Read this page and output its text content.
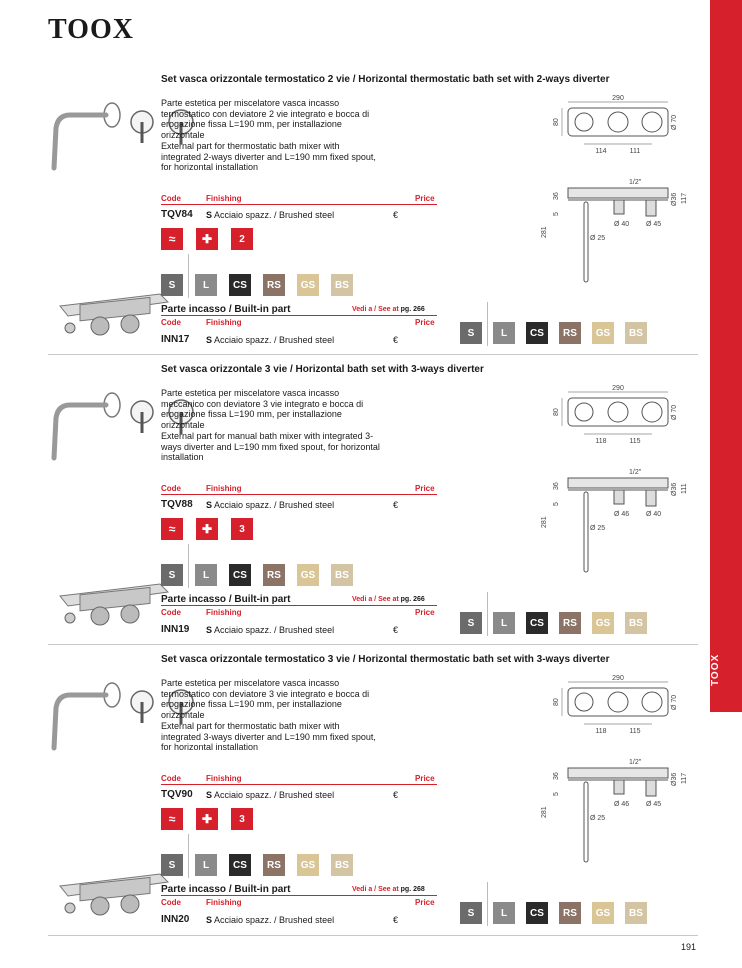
TOOX
TOOX
290
80	Ø 70
114	111
1/2"
36
5
281
Ø36 117
Ø 40 Ø 45
Ø 25
Set vasca orizzontale termostatico 2 vie / Horizontal thermostatic bath set with 2-ways diverter

Parte estetica per miscelatore vasca incasso termostatico con deviatore 2 vie integrato e bocca di erogazione fissa L=190 mm, per installazione orizzontale

External part for thermostatic bath mixer with integrated 2-ways diverter and L=190 mm fixed spout, for horizontal installation

Code	Finishing	Price
TQV84 S Acciaio spazz. / Brushed steel	€
≈	✚	2
S	L	CS	RS	GS	BS
Parte incasso / Built-in part	Vedi a / See at pg. 266
Code	Finishing	Price
INN17 S Acciaio spazz. / Brushed steel	€
S	L	CS	RS	GS	BS
290
80	Ø 70
118	115
1/2"
36
5
281
Ø36 111
Ø 46 Ø 40
Ø 25
Set vasca orizzontale 3 vie / Horizontal bath set with 3-ways diverter

Parte estetica per miscelatore vasca incasso meccanico con deviatore 3 vie integrato e bocca di erogazione fissa L=190 mm, per installazione orizzontale

External part for manual bath mixer with integrated 3-ways diverter and L=190 mm fixed spout, for horizontal installation

Code	Finishing	Price
TQV88 S Acciaio spazz. / Brushed steel	€
≈	✚	3
S	L	CS	RS	GS	BS
Parte incasso / Built-in part	Vedi a / See at pg. 266
Code	Finishing	Price
INN19 S Acciaio spazz. / Brushed steel	€
S	L	CS	RS	GS	BS
290
80	Ø 70
118	115
1/2"
36
5
281
Ø36 117
Ø 46 Ø 45
Ø 25
Set vasca orizzontale termostatico 3 vie / Horizontal thermostatic bath set with 3-ways diverter

Parte estetica per miscelatore vasca incasso termostatico con deviatore 3 vie integrato e bocca di erogazione fissa L=190 mm, per installazione orizzontale

External part for thermostatic bath mixer with integrated 3-ways diverter and L=190 mm fixed spout, for horizontal installation

Code	Finishing	Price
TQV90 S Acciaio spazz. / Brushed steel	€
≈	✚	3
S	L	CS	RS	GS	BS
Parte incasso / Built-in part	Vedi a / See at pg. 268
Code	Finishing	Price
INN20 S Acciaio spazz. / Brushed steel	€
S	L	CS	RS	GS	BS
191
